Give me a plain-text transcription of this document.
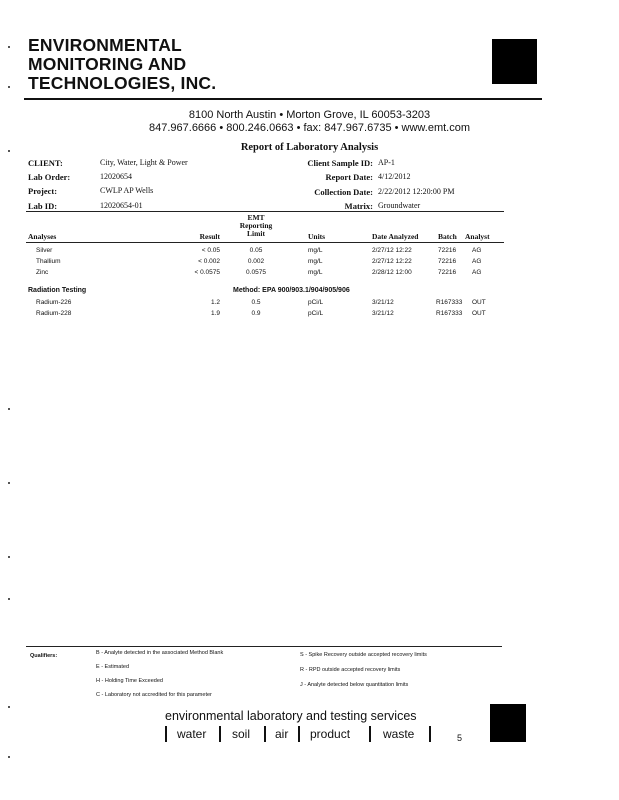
ENVIRONMENTAL
MONITORING AND
TECHNOLOGIES, INC.
8100 North Austin • Morton Grove, IL 60053-3203
847.967.6666 • 800.246.0663 • fax: 847.967.6735 • www.emt.com
Report of Laboratory Analysis
CLIENT:	City, Water, Light & Power
Lab Order:	12020654
Project:	CWLP AP Wells
Lab ID:	12020654-01
Client Sample ID: AP-1
Report Date: 4/12/2012
Collection Date: 2/22/2012 12:20:00 PM
Matrix: Groundwater
Analyses	Result
EMT
Reporting
Limit	Units	Date Analyzed	Batch Analyst
Silver	< 0.05	0.05	mg/L	2/27/12 12:22	72216 AG
Thallium	< 0.002	0.002	mg/L	2/27/12 12:22	72216 AG
Zinc	< 0.0575	0.0575	mg/L	2/28/12 12:00	72216 AG
Radiation Testing	Method: EPA 900/903.1/904/905/906
Radium-226	1.2	0.5	pCi/L	3/21/12	R167333 OUT
Radium-228	1.9	0.9	pCi/L	3/21/12	R167333 OUT
Qualifiers:	B - Analyte detected in the associated Method Blank
E - Estimated
H - Holding Time Exceeded
C - Laboratory not accredited for this parameter
S - Spike Recovery outside accepted recovery limits
R - RPD outside accepted recovery limits
J - Analyte detected below quantitation limits
environmental laboratory and testing services
water soil air product	waste	5
